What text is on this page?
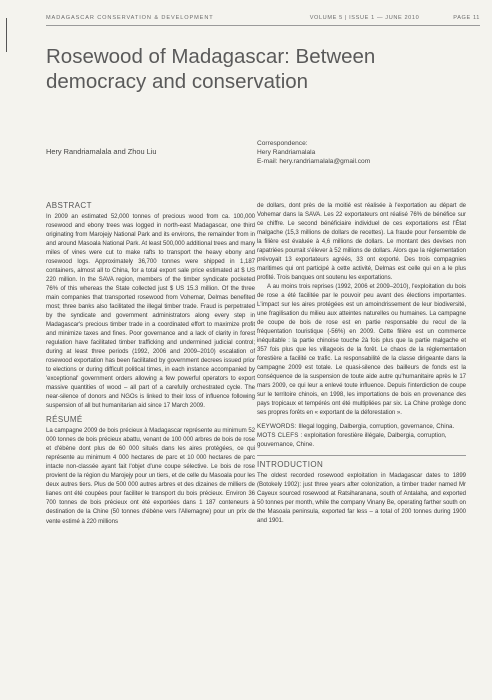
MADAGASCAR CONSERVATION & DEVELOPMENT	VOLUME 5 | ISSUE 1 — JUNE 2010	PAGE 11
Rosewood of Madagascar: Between democracy and conservation
Hery Randriamalala and Zhou Liu
Correspondence:
Hery Randriamalala
E-mail: hery.randriamalala@gmail.com
ABSTRACT

In 2009 an estimated 52,000 tonnes of precious wood from ca. 100,000 rosewood and ebony trees was logged in north-east Madagascar, one third originating from Marojejy National Park and its environs, the remainder from in and around Masoala National Park. At least 500,000 additional trees and many miles of vines were cut to make rafts to transport the heavy ebony and rosewood logs. Approximately 36,700 tonnes were shipped in 1,187 containers, almost all to China, for a total export sale price estimated at $ US 220 million. In the SAVA region, members of the timber syndicate pocketed 76% of this whereas the State collected just $ US 15.3 million. Of the three main companies that transported rosewood from Vohemar, Delmas benefited most; three banks also facilitated the illegal timber trade. Fraud is perpetrated by the syndicate and government administrators along every step in Madagascar's precious timber trade in a coordinated effort to maximize profit and minimize taxes and fines. Poor governance and a lack of clarity in forest regulation have facilitated timber trafficking and undermined judicial control; during at least three periods (1992, 2006 and 2009–2010) escalation of rosewood exportation has been facilitated by government decrees issued prior to elections or during difficult political times, in each instance accompanied by 'exceptional' government orders allowing a few powerful operators to export massive quantities of wood – all part of a carefully orchestrated cycle. The near-silence of donors and NGOs is linked to their loss of influence following suspension of all but humanitarian aid since 17 March 2009.

RÉSUMÉ

La campagne 2009 de bois précieux à Madagascar représente au minimum 52 000 tonnes de bois précieux abattu, venant de 100 000 arbres de bois de rose et d'ébène dont plus de 60 000 situés dans les aires protégées, ce qui représente au minimum 4 000 hectares de parc et 10 000 hectares de parc intacte non-classée ayant fait l'objet d'une coupe sélective. Le bois de rose provient de la région du Marojejy pour un tiers, et de celle du Masoala pour les deux autres tiers. Plus de 500 000 autres arbres et des dizaines de milliers de lianes ont été coupées pour faciliter le transport du bois précieux. Environ 36 700 tonnes de bois précieux ont été exportées dans 1 187 conteneurs à destination de la Chine (50 tonnes d'ébène vers l'Allemagne) pour un prix de vente estimé à 220 millions

de dollars, dont près de la moitié est réalisée à l'exportation au départ de Vohemar dans la SAVA. Les 22 exportateurs ont réalisé 76% de bénéfice sur ce chiffre. Le second bénéficiaire individuel de ces exportations est l'État malgache (15,3 millions de dollars de recettes). La fraude pour l'ensemble de la filière est évaluée à 4,6 millions de dollars. Le montant des devises non rapatriées pourrait s'élever à 52 millions de dollars. Alors que la réglementation prévoyait 13 exportateurs agréés, 33 ont exporté. Des trois compagnies maritimes qui ont participé à cette activité, Delmas est celle qui en a le plus profité. Trois banques ont soutenu les exportations.

A au moins trois reprises (1992, 2006 et 2009–2010), l'exploitation du bois de rose a été facilitée par le pouvoir peu avant des élections importantes. L'impact sur les aires protégées est un amoindrissement de leur biodiversité, une fragilisation du milieu aux atteintes naturelles ou humaines. La campagne de coupe de bois de rose est en partie responsable du recul de la fréquentation touristique (-56%) en 2009. Cette filière est un commerce inéquitable : la partie chinoise touche 2à fois plus que la partie malgache et 357 fois plus que les villageois de la forêt. Le chaos de la réglementation forestière a facilité ce trafic. La responsabilité de la classe dirigeante dans la campagne 2009 est totale. Le quasi-silence des bailleurs de fonds est la conséquence de la suspension de toute aide autre qu'humanitaire après le 17 mars 2009, ce qui leur a enlevé toute influence. Depuis l'interdiction de coupe sur le territoire chinois, en 1998, les importations de bois en provenance des pays tropicaux et tempérés ont été multipliées par six. La Chine protège donc ses propres forêts en « exportant de la déforestation ».

KEYWORDS: Illegal logging, Dalbergia, corruption, governance, China.
MOTS CLEFS : exploitation forestière illégale, Dalbergia, corruption, gouvernance, Chine.
INTRODUCTION

The oldest recorded rosewood exploitation in Madagascar dates to 1899 (Botokely 1902): just three years after colonization, a timber trader named Mr Cayeux sourced rosewood at Ratsiharanana, south of Antalaha, and exported 50 tonnes per month, while the company Vinany Be, operating farther south on the Masoala peninsula, exported far less – a total of 200 tonnes during 1900 and 1901.
